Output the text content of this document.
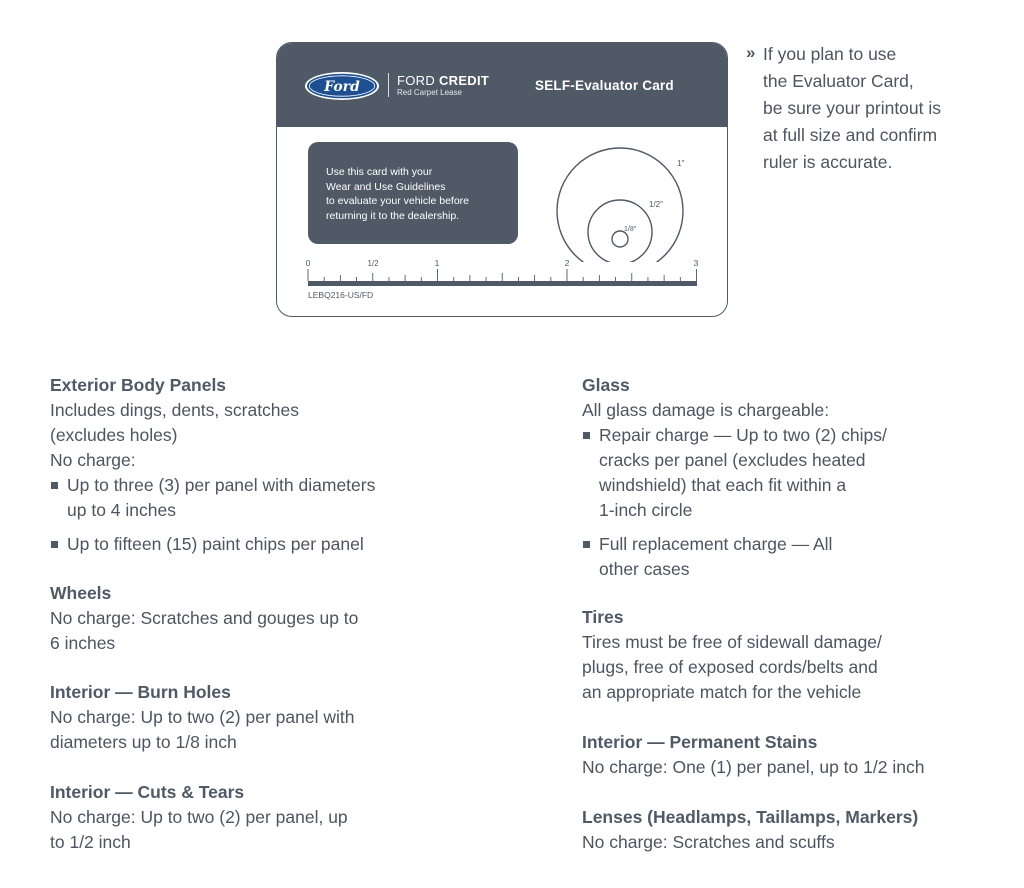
Ford	FORD CREDIT
Red Carpet Lease	SELF-Evaluator Card
Use this card with your
Wear and Use Guidelines
to evaluate your vehicle before
returning it to the dealership.
1"
1/2"
1/8"
0	1/2	1	2	3
LEBQ216-US/FD
» If you plan to use
the Evaluator Card,
be sure your printout is
at full size and confirm
ruler is accurate.
Exterior Body Panels
Includes dings, dents, scratches
(excludes holes)
No charge:
Up to three (3) per panel with diameters
up to 4 inches
Up to fifteen (15) paint chips per panel
Wheels
No charge: Scratches and gouges up to
6 inches
Interior — Burn Holes
No charge: Up to two (2) per panel with
diameters up to 1/8 inch
Interior — Cuts & Tears
No charge: Up to two (2) per panel, up
to 1/2 inch
Glass
All glass damage is chargeable:
Repair charge — Up to two (2) chips/
cracks per panel (excludes heated
windshield) that each fit within a
1-inch circle
Full replacement charge — All
other cases
Tires
Tires must be free of sidewall damage/
plugs, free of exposed cords/belts and
an appropriate match for the vehicle
Interior — Permanent Stains
No charge: One (1) per panel, up to 1/2 inch
Lenses (Headlamps, Taillamps, Markers)
No charge: Scratches and scuffs
